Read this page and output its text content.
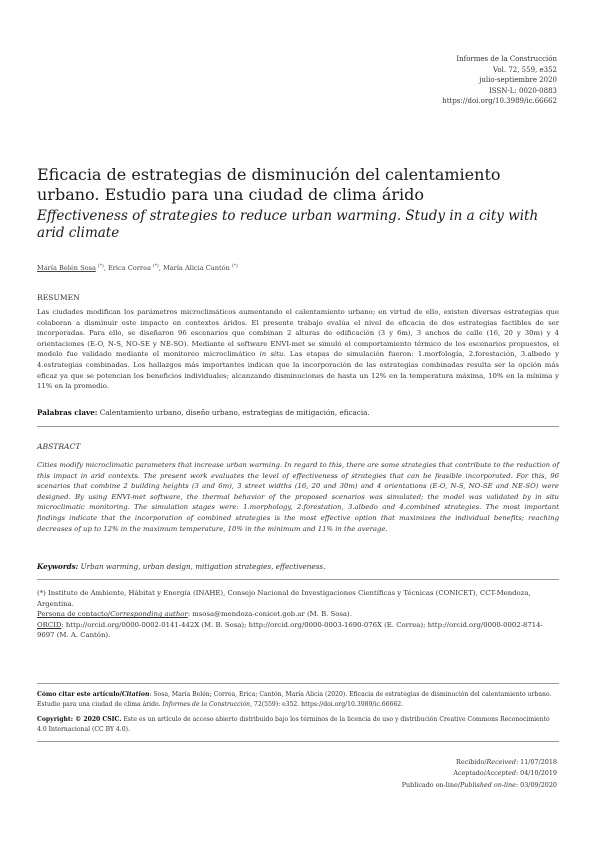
Informes de la Construcción
Vol. 72, 559, e352
julio-septiembre 2020
ISSN-L: 0020-0883
https://doi.org/10.3989/ic.66662
Eficacia de estrategias de disminución del calentamiento urbano. Estudio para una ciudad de clima árido
Effectiveness of strategies to reduce urban warming. Study in a city with arid climate
María Belén Sosa (*), Erica Correa (*), María Alicia Cantón (*)
RESUMEN
Las ciudades modifican los parámetros microclimáticos aumentando el calentamiento urbano; en virtud de ello, existen diversas estrategias que colaboran a disminuir este impacto en contextos áridos. El presente trabajo evalúa el nivel de eficacia de dos estrategias factibles de ser incorporadas. Para ello, se diseñaron 96 escenarios que combinan 2 alturas de edificación (3 y 6m), 3 anchos de calle (16, 20 y 30m) y 4 orientaciones (E-O, N-S, NO-SE y NE-SO). Mediante el software ENVI-met se simuló el comportamiento térmico de los escenarios propuestos, el modelo fue validado mediante el monitoreo microclimático in situ. Las etapas de simulación fueron: 1.morfología, 2.forestación, 3.albedo y 4.estrategias combinadas. Los hallazgos más importantes indican que la incorporación de las estrategias combinadas resulta ser la opción más eficaz ya que se potencian los beneficios individuales; alcanzando disminuciones de hasta un 12% en la temperatura máxima, 10% en la mínima y 11% en la promedio.
Palabras clave: Calentamiento urbano, diseño urbano, estrategias de mitigación, eficacia.
ABSTRACT
Cities modify microclimatic parameters that increase urban warming. In regard to this, there are some strategies that contribute to the reduction of this impact in arid contexts. The present work evaluates the level of effectiveness of strategies that can be feasible incorporated. For this, 96 scenarios that combine 2 building heights (3 and 6m), 3 street widths (16, 20 and 30m) and 4 orientations (E-O, N-S, NO-SE and NE-SO) were designed. By using ENVI-met software, the thermal behavior of the proposed scenarios was simulated; the model was validated by in situ microclimatic monitoring. The simulation stages were: 1.morphology, 2.forestation, 3.albedo and 4.combined strategies. The most important findings indicate that the incorporation of combined strategies is the most effective option that maximizes the individual benefits; reaching decreases of up to 12% in the maximum temperature, 10% in the minimum and 11% in the average.
Keywords: Urban warming, urban design, mitigation strategies, effectiveness.
(*) Instituto de Ambiente, Hábitat y Energía (INAHE), Consejo Nacional de Investigaciones Científicas y Técnicas (CONICET), CCT-Mendoza, Argentina.
Persona de contacto/Corresponding author: msosa@mendoza-conicet.gob.ar (M. B. Sosa).
ORCID: http://orcid.org/0000-0002-0141-442X (M. B. Sosa); http://orcid.org/0000-0003-1690-076X (E. Correa); http://orcid.org/0000-0002-8714-9697 (M. A. Cantón).
Cómo citar este artículo/Citation: Sosa, María Belén; Correa, Erica; Cantón, María Alicia (2020). Eficacia de estrategias de disminución del calentamiento urbano. Estudio para una ciudad de clima árido. Informes de la Construcción, 72(559): e352. https://doi.org/10.3989/ic.66662.
Copyright: © 2020 CSIC. Este es un artículo de acceso abierto distribuido bajo los términos de la licencia de uso y distribución Creative Commons Reconocimiento 4.0 Internacional (CC BY 4.0).
Recibido/Received: 11/07/2018
Aceptado/Accepted: 04/10/2019
Publicado on-line/Published on-line: 03/09/2020
